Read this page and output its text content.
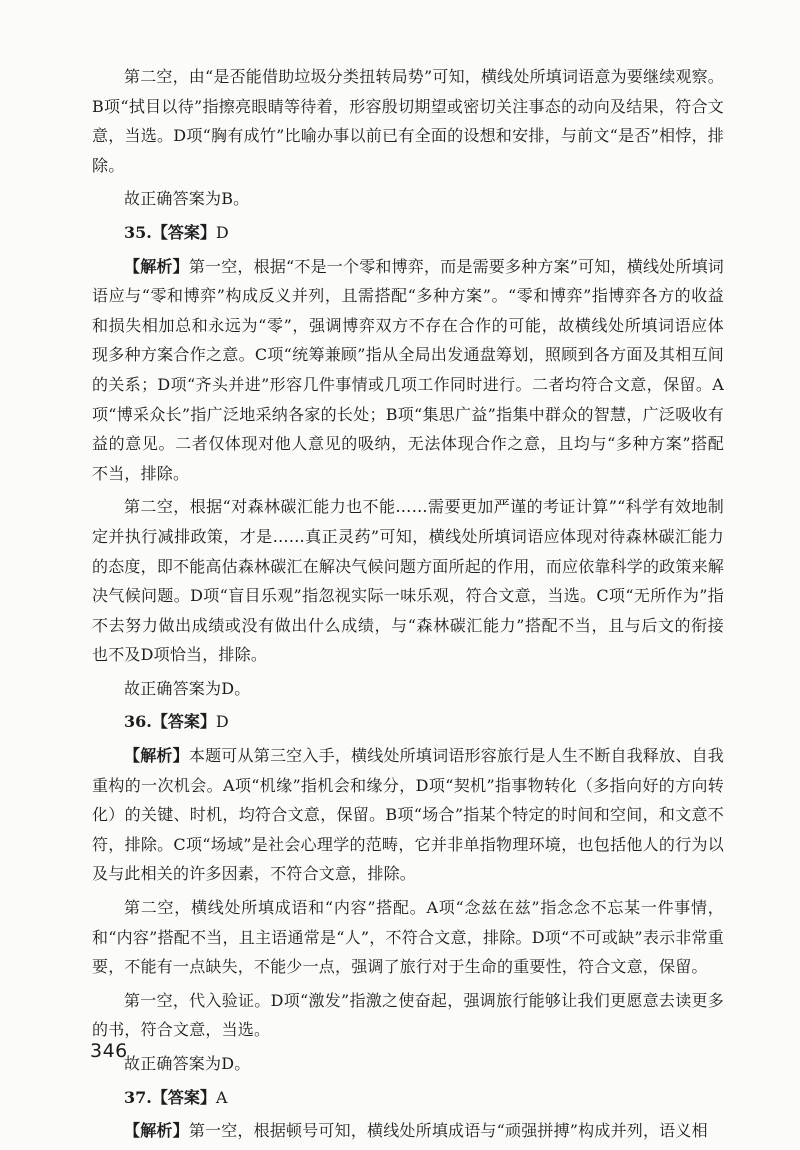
第二空，由“是否能借助垃圾分类扭转局势”可知，横线处所填词语意为要继续观察。B项“拭目以待”指擦亮眼睛等待着，形容殷切期望或密切关注事态的动向及结果，符合文意，当选。D项“胸有成竹”比喻办事以前已有全面的设想和安排，与前文“是否”相悖，排除。

故正确答案为B。

35.【答案】D

【解析】第一空，根据“不是一个零和博弈，而是需要多种方案”可知，横线处所填词语应与“零和博弈”构成反义并列，且需搭配“多种方案”。“零和博弈”指博弈各方的收益和损失相加总和永远为“零”，强调博弈双方不存在合作的可能，故横线处所填词语应体现多种方案合作之意。C项“统筹兼顾”指从全局出发通盘筹划，照顾到各方面及其相互间的关系；D项“齐头并进”形容几件事情或几项工作同时进行。二者均符合文意，保留。A项“博采众长”指广泛地采纳各家的长处；B项“集思广益”指集中群众的智慧，广泛吸收有益的意见。二者仅体现对他人意见的吸纳，无法体现合作之意，且均与“多种方案”搭配不当，排除。

第二空，根据“对森林碳汇能力也不能……需要更加严谨的考证计算”“科学有效地制定并执行减排政策，才是……真正灵药”可知，横线处所填词语应体现对待森林碳汇能力的态度，即不能高估森林碳汇在解决气候问题方面所起的作用，而应依靠科学的政策来解决气候问题。D项“盲目乐观”指忽视实际一味乐观，符合文意，当选。C项“无所作为”指不去努力做出成绩或没有做出什么成绩，与“森林碳汇能力”搭配不当，且与后文的衔接也不及D项恰当，排除。

故正确答案为D。

36.【答案】D

【解析】本题可从第三空入手，横线处所填词语形容旅行是人生不断自我释放、自我重构的一次机会。A项“机缘”指机会和缘分，D项“契机”指事物转化（多指向好的方向转化）的关键、时机，均符合文意，保留。B项“场合”指某个特定的时间和空间，和文意不符，排除。C项“场域”是社会心理学的范畴，它并非单指物理环境，也包括他人的行为以及与此相关的许多因素，不符合文意，排除。

第二空，横线处所填成语和“内容”搭配。A项“念兹在兹”指念念不忘某一件事情，和“内容”搭配不当，且主语通常是“人”，不符合文意，排除。D项“不可或缺”表示非常重要，不能有一点缺失，不能少一点，强调了旅行对于生命的重要性，符合文意，保留。

第一空，代入验证。D项“激发”指激之使奋起，强调旅行能够让我们更愿意去读更多的书，符合文意，当选。

故正确答案为D。

37.【答案】A

【解析】第一空，根据顿号可知，横线处所填成语与“顽强拼搏”构成并列，语义相

346
